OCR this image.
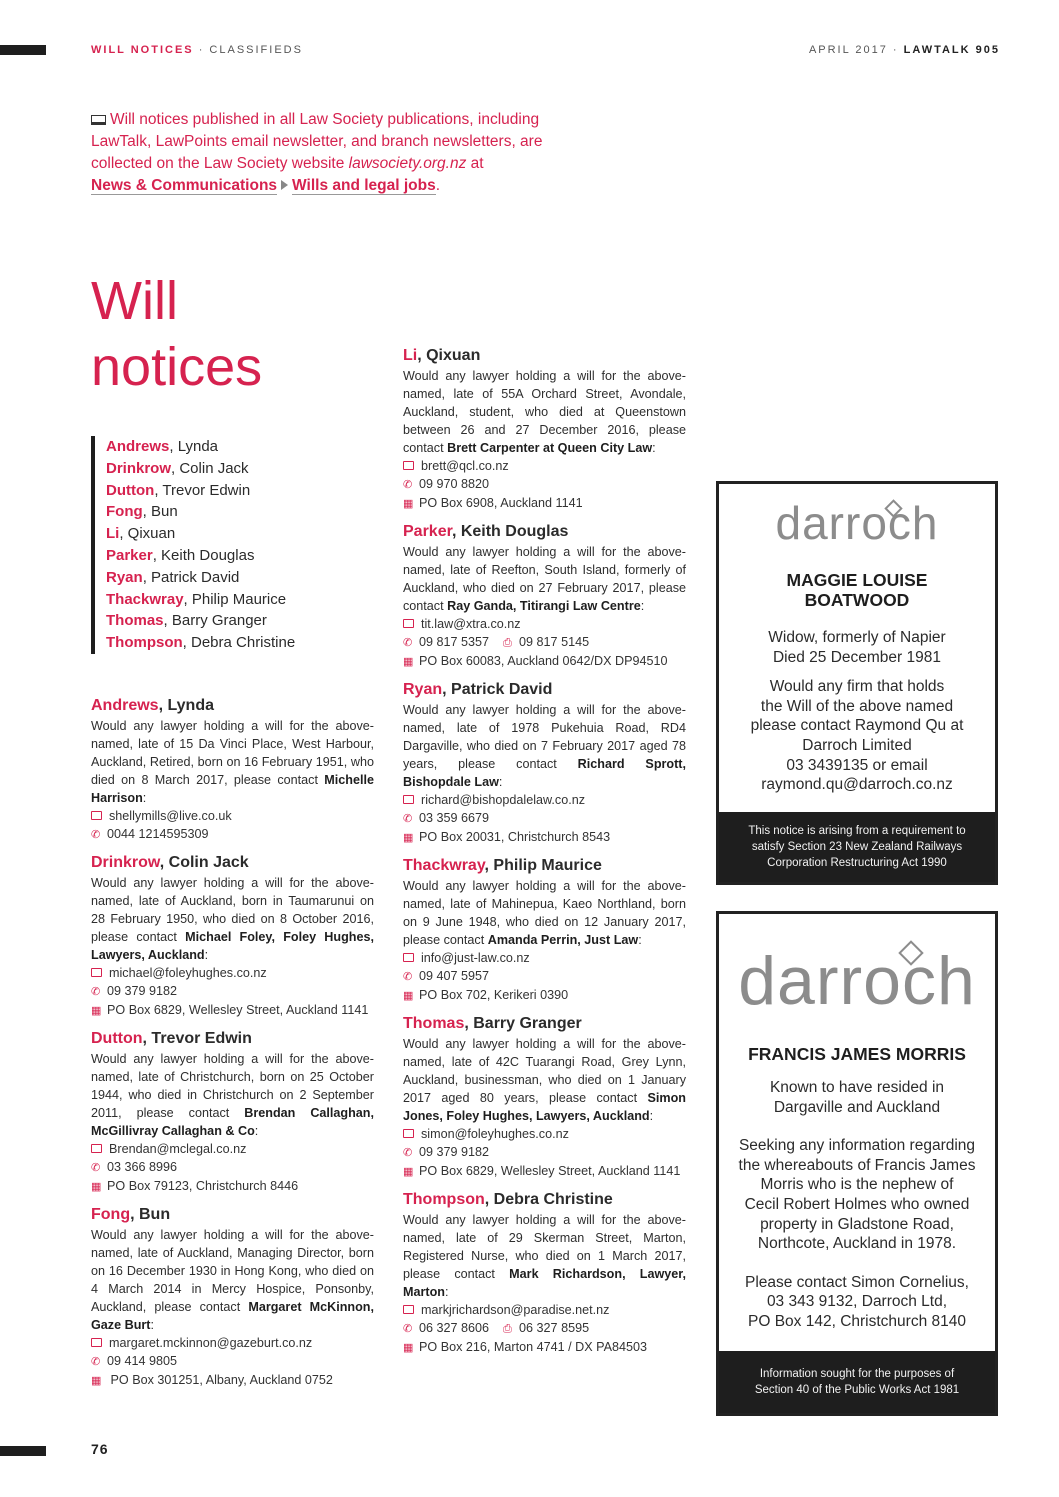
WILL NOTICES · CLASSIFIEDS	APRIL 2017 · LAWTALK 905
Will notices published in all Law Society publications, including LawTalk, LawPoints email newsletter, and branch newsletters, are collected on the Law Society website lawsociety.org.nz at
News & Communications Wills and legal jobs.
Will
notices
Andrews, Lynda
Drinkrow, Colin Jack
Dutton, Trevor Edwin
Fong, Bun
Li, Qixuan
Parker, Keith Douglas
Ryan, Patrick David
Thackwray, Philip Maurice
Thomas, Barry Granger
Thompson, Debra Christine
Andrews, Lynda
Would any lawyer holding a will for the above-named, late of 15 Da Vinci Place, West Harbour, Auckland, Retired, born on 16 February 1951, who died on 8 March 2017, please contact Michelle Harrison:
shellymills@live.co.uk
✆ 0044 1214595309
Drinkrow, Colin Jack
Would any lawyer holding a will for the above-named, late of Auckland, born in Taumarunui on 28 February 1950, who died on 8 October 2016, please contact Michael Foley, Foley Hughes, Lawyers, Auckland:
michael@foleyhughes.co.nz
✆ 09 379 9182
▦ PO Box 6829, Wellesley Street, Auckland 1141
Dutton, Trevor Edwin
Would any lawyer holding a will for the above-named, late of Christchurch, born on 25 October 1944, who died in Christchurch on 2 September 2011, please contact Brendan Callaghan, McGillivray Callaghan & Co:
Brendan@mclegal.co.nz
✆ 03 366 8996
▦ PO Box 79123, Christchurch 8446
Fong, Bun
Would any lawyer holding a will for the above-named, late of Auckland, Managing Director, born on 16 December 1930 in Hong Kong, who died on 4 March 2014 in Mercy Hospice, Ponsonby, Auckland, please contact Margaret McKinnon, Gaze Burt:
margaret.mckinnon@gazeburt.co.nz
✆ 09 414 9805
▦ PO Box 301251, Albany, Auckland 0752
Li, Qixuan
Would any lawyer holding a will for the above-named, late of 55A Orchard Street, Avondale, Auckland, student, who died at Queenstown between 26 and 27 December 2016, please contact Brett Carpenter at Queen City Law:
brett@qcl.co.nz
✆ 09 970 8820
▦ PO Box 6908, Auckland 1141
Parker, Keith Douglas
Would any lawyer holding a will for the above-named, late of Reefton, South Island, formerly of Auckland, who died on 27 February 2017, please contact Ray Ganda, Titirangi Law Centre:
tit.law@xtra.co.nz
✆ 09 817 5357 ⎙ 09 817 5145
▦ PO Box 60083, Auckland 0642/DX DP94510
Ryan, Patrick David
Would any lawyer holding a will for the above-named, late of 1978 Pukehuia Road, RD4 Dargaville, who died on 7 February 2017 aged 78 years, please contact Richard Sprott, Bishopdale Law:
richard@bishopdalelaw.co.nz
✆ 03 359 6679
▦ PO Box 20031, Christchurch 8543
Thackwray, Philip Maurice
Would any lawyer holding a will for the above-named, late of Mahinepua, Kaeo Northland, born on 9 June 1948, who died on 12 January 2017, please contact Amanda Perrin, Just Law:
info@just-law.co.nz
✆ 09 407 5957
▦ PO Box 702, Kerikeri 0390
Thomas, Barry Granger
Would any lawyer holding a will for the above-named, late of 42C Tuarangi Road, Grey Lynn, Auckland, businessman, who died on 1 January 2017 aged 80 years, please contact Simon Jones, Foley Hughes, Lawyers, Auckland:
simon@foleyhughes.co.nz
✆ 09 379 9182
▦ PO Box 6829, Wellesley Street, Auckland 1141
Thompson, Debra Christine
Would any lawyer holding a will for the above-named, late of 29 Skerman Street, Marton, Registered Nurse, who died on 1 March 2017, please contact Mark Richardson, Lawyer, Marton:
markjrichardson@paradise.net.nz
✆ 06 327 8606 ⎙ 06 327 8595
▦ PO Box 216, Marton 4741 / DX PA84503
darroch
MAGGIE LOUISE
BOATWOOD
Widow, formerly of Napier
Died 25 December 1981
Would any firm that holds
the Will of the above named
please contact Raymond Qu at
Darroch Limited
03 3439135 or email
raymond.qu@darroch.co.nz
This notice is arising from a requirement to satisfy Section 23 New Zealand Railways Corporation Restructuring Act 1990
darroch
FRANCIS JAMES MORRIS
Known to have resided in
Dargaville and Auckland
Seeking any information regarding
the whereabouts of Francis James
Morris who is the nephew of
Cecil Robert Holmes who owned
property in Gladstone Road,
Northcote, Auckland in 1978.
Please contact Simon Cornelius,
03 343 9132, Darroch Ltd,
PO Box 142, Christchurch 8140
Information sought for the purposes of
Section 40 of the Public Works Act 1981
76
